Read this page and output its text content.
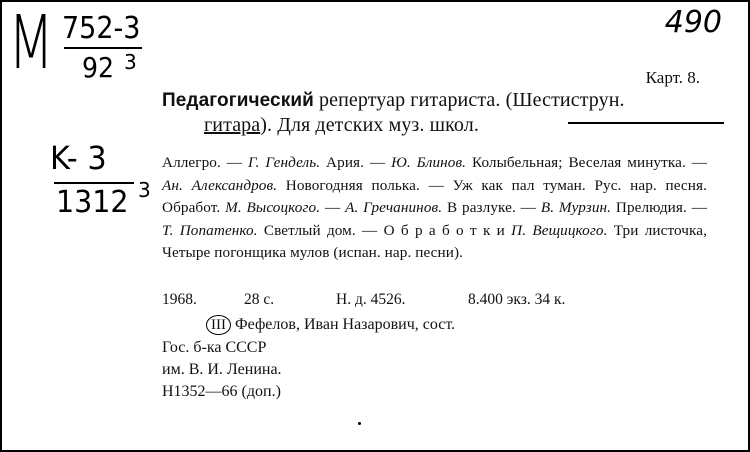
M 752-3
92 3
K- 3
1312 3
490
Карт. 8.
Педагогический репертуар гитариста. (Шестиструн.
гитара). Для детских муз. школ.
Аллегро. — Г. Гендель. Ария. — Ю. Блинов. Колыбельная; Веселая минутка. — Ан. Александров. Новогодняя полька. — Уж как пал туман. Рус. нар. песня. Обработ. М. Высоцкого. — А. Гречанинов. В разлуке. — В. Мурзин. Прелюдия. — Т. Попатенко. Светлый дом. — О б р а б о т к и П. Вещицкого. Три листочка, Четыре погонщика мулов (испан. нар. песни).
1968.	28 с.	Н. д. 4526.	8.400 экз. 34 к.
III Фефелов, Иван Назарович, сост.
Гос. б-ка СССР
им. В. И. Ленина.
Н1352—66 (доп.)
